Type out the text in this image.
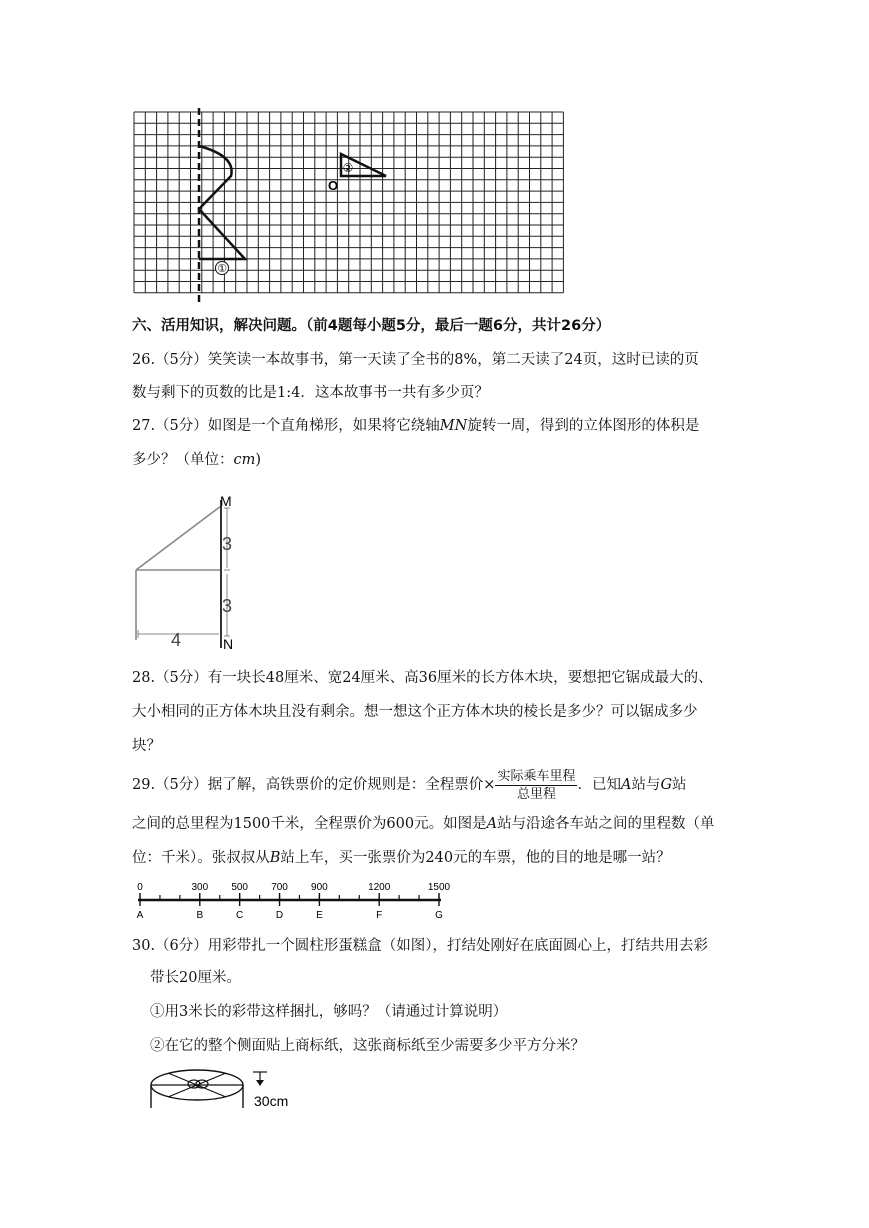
①
②
O
六、活用知识，解决问题。（前4题每小题5分，最后一题6分，共计26分）
26.（5分）笑笑读一本故事书，第一天读了全书的8%，第二天读了24页，这时已读的页
数与剩下的页数的比是1:4．这本故事书一共有多少页？
27.（5分）如图是一个直角梯形，如果将它绕轴MN旋转一周，得到的立体图形的体积是
多少？（单位：cm)
M
N
3
3
4
28.（5分）有一块长48厘米、宽24厘米、高36厘米的长方体木块，要想把它锯成最大的、
大小相同的正方体木块且没有剩余。想一想这个正方体木块的棱长是多少？可以锯成多少
块？
29.（5分）据了解，高铁票价的定价规则是：全程票价× $\frac{\text{实际乘车里程}}{\text{总里程}}$ ．已知A站与G站
之间的总里程为1500千米，全程票价为600元。如图是A站与沿途各车站之间的里程数（单
位：千米）。张叔叔从B站上车，买一张票价为240元的车票，他的目的地是哪一站？
0
A
300
B
500
C
700
D
900
E
1200
F
1500
G
30.（6分）用彩带扎一个圆柱形蛋糕盒（如图），打结处刚好在底面圆心上，打结共用去彩
带长20厘米。
①用3米长的彩带这样捆扎，够吗？（请通过计算说明）
②在它的整个侧面贴上商标纸，这张商标纸至少需要多少平方分米？
30cm
